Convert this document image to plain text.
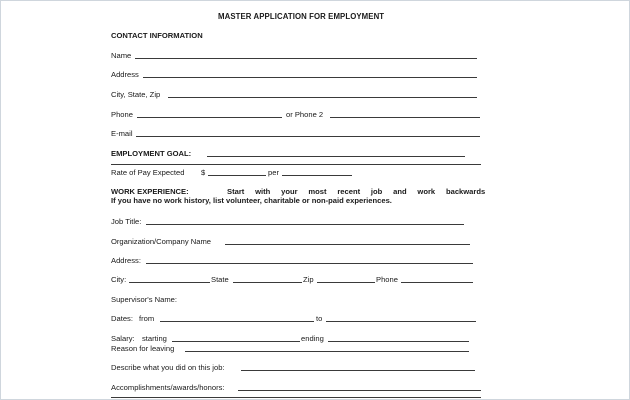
MASTER APPLICATION FOR EMPLOYMENT
CONTACT INFORMATION
Name
Address
City, State, Zip
Phone	or Phone 2
E-mail
EMPLOYMENT GOAL:
Rate of Pay Expected $	per
WORK EXPERIENCE:	Start with your most recent job and work backwards
If you have no work history, list volunteer, charitable or non-paid experiences.
Job Title:
Organization/Company Name
Address:
City:	State	Zip	Phone
Supervisor's Name:
Dates: from	to
Salary: starting	ending
Reason for leaving
Describe what you did on this job:
Accomplishments/awards/honors:
